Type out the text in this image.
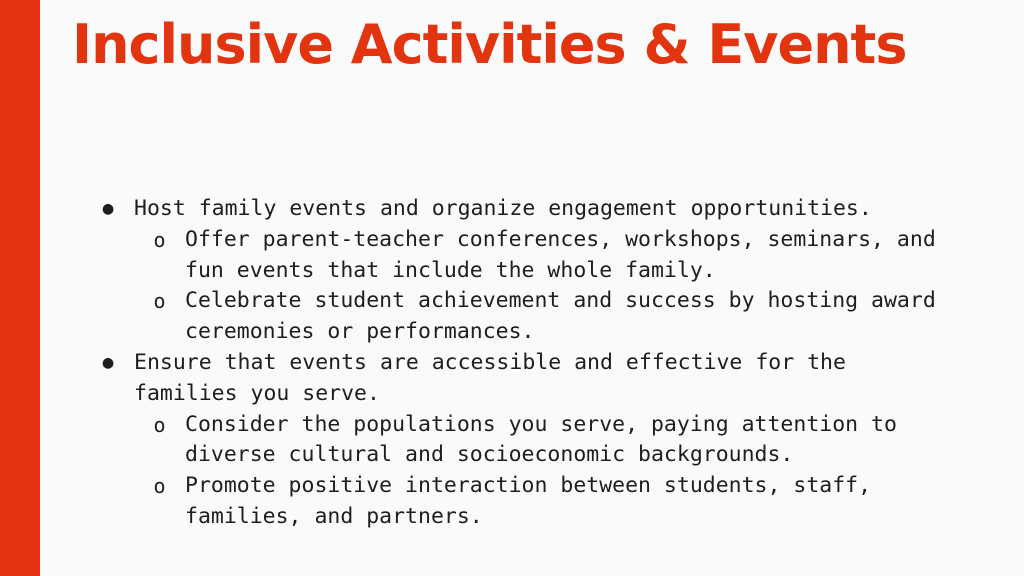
Inclusive Activities & Events
● Host family events and organize engagement opportunities.
o Offer parent-teacher conferences, workshops, seminars, and fun events that include the whole family.
o Celebrate student achievement and success by hosting award ceremonies or performances.
● Ensure that events are accessible and effective for the families you serve.
o Consider the populations you serve, paying attention to diverse cultural and socioeconomic backgrounds.
o Promote positive interaction between students, staff, families, and partners.
